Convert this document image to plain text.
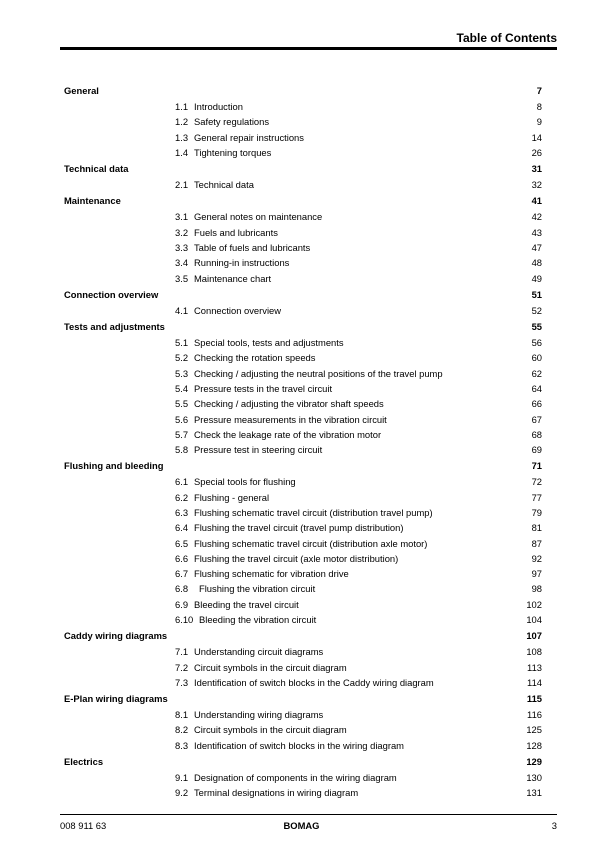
Table of Contents
General	7
1.1 Introduction	8
1.2 Safety regulations	9
1.3 General repair instructions	14
1.4 Tightening torques	26
Technical data	31
2.1 Technical data	32
Maintenance	41
3.1 General notes on maintenance	42
3.2 Fuels and lubricants	43
3.3 Table of fuels and lubricants	47
3.4 Running-in instructions	48
3.5 Maintenance chart	49
Connection overview	51
4.1 Connection overview	52
Tests and adjustments	55
5.1 Special tools, tests and adjustments	56
5.2 Checking the rotation speeds	60
5.3 Checking / adjusting the neutral positions of the travel pump	62
5.4 Pressure tests in the travel circuit	64
5.5 Checking / adjusting the vibrator shaft speeds	66
5.6 Pressure measurements in the vibration circuit	67
5.7 Check the leakage rate of the vibration motor	68
5.8 Pressure test in steering circuit	69
Flushing and bleeding	71
6.1 Special tools for flushing	72
6.2 Flushing - general	77
6.3 Flushing schematic travel circuit (distribution travel pump)	79
6.4 Flushing the travel circuit (travel pump distribution)	81
6.5 Flushing schematic travel circuit (distribution axle motor)	87
6.6 Flushing the travel circuit (axle motor distribution)	92
6.7 Flushing schematic for vibration drive	97
6.8 Flushing the vibration circuit	98
6.9 Bleeding the travel circuit	102
6.10 Bleeding the vibration circuit	104
Caddy wiring diagrams	107
7.1 Understanding circuit diagrams	108
7.2 Circuit symbols in the circuit diagram	113
7.3 Identification of switch blocks in the Caddy wiring diagram	114
E-Plan wiring diagrams	115
8.1 Understanding wiring diagrams	116
8.2 Circuit symbols in the circuit diagram	125
8.3 Identification of switch blocks in the wiring diagram	128
Electrics	129
9.1 Designation of components in the wiring diagram	130
9.2 Terminal designations in wiring diagram	131
008 911 63	BOMAG	3
